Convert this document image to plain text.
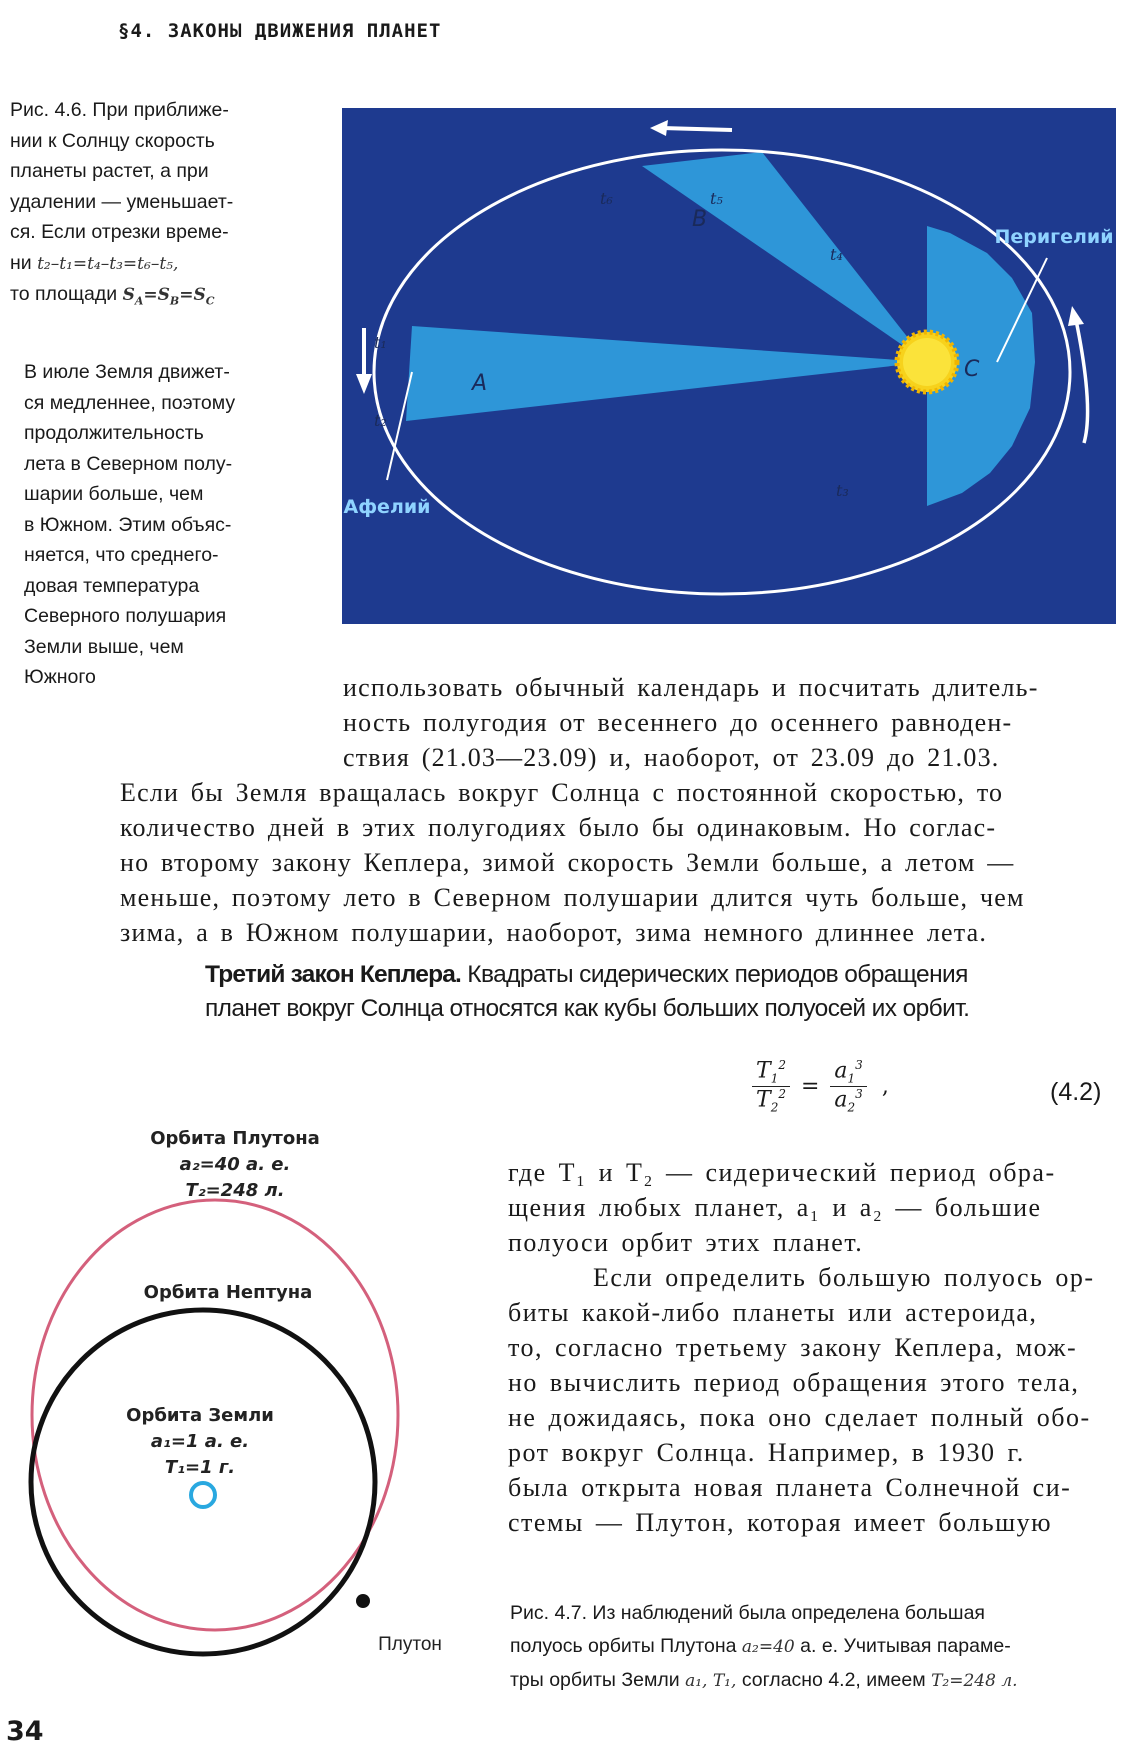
§4. ЗАКОНЫ ДВИЖЕНИЯ ПЛАНЕТ
Рис. 4.6. При приближе-
нии к Солнцу скорость
планеты растет, а при
удалении — уменьшает-
ся. Если отрезки време-
ни t₂–t₁=t₄–t₃=t₆–t₅,
то площади $S_A=S_B=S_C$
Перигелий
Афелий
A
B
C
t₁
t₂
t₃
t₄
t₅
t₆
В июле Земля движет-
ся медленнее, поэтому
продолжительность
лета в Северном полу-
шарии больше, чем
в Южном. Этим объяс-
няется, что среднего-
довая температура
Северного полушария
Земли выше, чем
Южного	использовать обычный календарь и посчитать длитель-
ность полугодия от весеннего до осеннего равноден-
ствия (21.03—23.09) и, наоборот, от 23.09 до 21.03.
Если бы Земля вращалась вокруг Солнца с постоянной скоростью, то
количество дней в этих полугодиях было бы одинаковым. Но соглас-
но второму закону Кеплера, зимой скорость Земли больше, а летом —
меньше, поэтому лето в Северном полушарии длится чуть больше, чем
зима, а в Южном полушарии, наоборот, зима немного длиннее лета.
Третий закон Кеплера. Квадраты сидерических периодов обращения
планет вокруг Солнца относятся как кубы больших полуосей их орбит.
$\frac{T_1^2}{T_2^2} = \frac{a_1^3}{a_2^3}$ ,	(4.2)
где T₁ и T₂ — сидерический период обра-
щения любых планет, a₁ и a₂ — большие
полуоси орбит этих планет.
Если определить большую полуось ор-
биты какой-либо планеты или астероида,
то, согласно третьему закону Кеплера, мож-
но вычислить период обращения этого тела,
не дожидаясь, пока оно сделает полный обо-
рот вокруг Солнца. Например, в 1930 г.
была открыта новая планета Солнечной си-
стемы — Плутон, которая имеет большую
Орбита Плутона
a₂=40 а. е.
T₂=248 л.
Орбита Нептуна
Орбита Земли
a₁=1 а. е.
T₁=1 г.
Плутон
Рис. 4.7. Из наблюдений была определена большая
полуось орбиты Плутона a₂=40 а. е. Учитывая параме-
тры орбиты Земли a₁, T₁, согласно 4.2, имеем T₂=248 л.
34
